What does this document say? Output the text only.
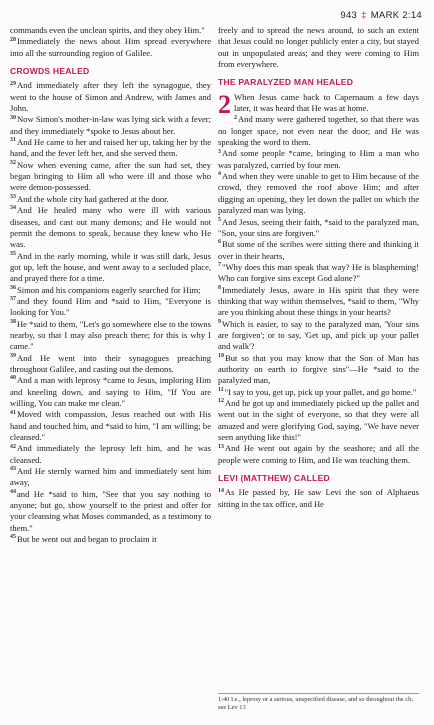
943 ‡ MARK 2:14

commands even the unclean spirits, and they obey Him."

$^{28}$Immediately the news about Him spread everywhere into all the surrounding region of Galilee.

CROWDS HEALED

$^{29}$And immediately after they left the synagogue, they went to the house of Simon and Andrew, with James and John.

$^{30}$Now Simon's mother-in-law was lying sick with a fever; and they immediately *spoke to Jesus about her.

$^{31}$And He came to her and raised her up, taking her by the hand, and the fever left her, and she served them.

$^{32}$Now when evening came, after the sun had set, they began bringing to Him all who were ill and those who were demon-possessed.

$^{33}$And the whole city had gathered at the door.

$^{34}$And He healed many who were ill with various diseases, and cast out many demons; and He would not permit the demons to speak, because they knew who He was.

$^{35}$And in the early morning, while it was still dark, Jesus got up, left the house, and went away to a secluded place, and prayed there for a time.

$^{36}$Simon and his companions eagerly searched for Him;

$^{37}$and they found Him and *said to Him, "Everyone is looking for You."

$^{38}$He *said to them, "Let's go somewhere else to the towns nearby, so that I may also preach there; for this is why I came."

$^{39}$And He went into their synagogues preaching throughout Galilee, and casting out the demons.

$^{40}$And a man with leprosy *came to Jesus, imploring Him and kneeling down, and saying to Him, "If You are willing, You can make me clean."

$^{41}$Moved with compassion, Jesus reached out with His hand and touched him, and *said to him, "I am willing; be cleansed."

$^{42}$And immediately the leprosy left him, and he was cleansed.

$^{43}$And He sternly warned him and immediately sent him away,

$^{44}$and He *said to him, "See that you say nothing to anyone; but go, show yourself to the priest and offer for your cleansing what Moses commanded, as a testimony to them."

$^{45}$But he went out and began to proclaim it

freely and to spread the news around, to such an extent that Jesus could no longer publicly enter a city, but stayed out in unpopulated areas; and they were coming to Him from everywhere.

THE PARALYZED MAN HEALED

2 When Jesus came back to Capernaum a few days later, it was heard that He was at home.

$^2$And many were gathered together, so that there was no longer space, not even near the door; and He was speaking the word to them.

$^3$And some people *came, bringing to Him a man who was paralyzed, carried by four men.

$^4$And when they were unable to get to Him because of the crowd, they removed the roof above Him; and after digging an opening, they let down the pallet on which the paralyzed man was lying.

$^5$And Jesus, seeing their faith, *said to the paralyzed man, "Son, your sins are forgiven."

$^6$But some of the scribes were sitting there and thinking it over in their hearts,

$^7$"Why does this man speak that way? He is blaspheming! Who can forgive sins except God alone?"

$^8$Immediately Jesus, aware in His spirit that they were thinking that way within themselves, *said to them, "Why are you thinking about these things in your hearts?

$^9$Which is easier, to say to the paralyzed man, 'Your sins are forgiven'; or to say, 'Get up, and pick up your pallet and walk'?

$^{10}$But so that you may know that the Son of Man has authority on earth to forgive sins"—He *said to the paralyzed man,

$^{11}$"I say to you, get up, pick up your pallet, and go home."

$^{12}$And he got up and immediately picked up the pallet and went out in the sight of everyone, so that they were all amazed and were glorifying God, saying, "We have never seen anything like this!"

$^{13}$And He went out again by the seashore; and all the people were coming to Him, and He was teaching them.

LEVI (MATTHEW) CALLED

$^{14}$As He passed by, He saw Levi the son of Alphaeus sitting in the tax office, and He

1:40 I.e., leprosy or a serious, unspecified disease, and so throughout the ch; see Lev 13
